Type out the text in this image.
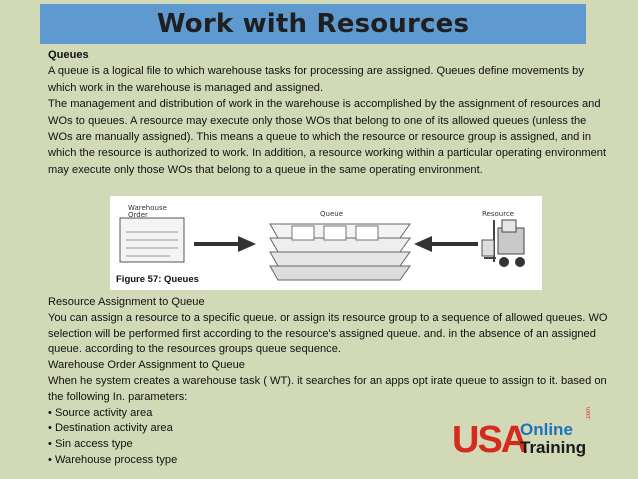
Work with Resources

Queues

A queue is a logical file to which warehouse tasks for processing are assigned. Queues define movements by which work in the warehouse is managed and assigned.

The management and distribution of work in the warehouse is accomplished by the assignment of resources and WOs to queues. A resource may execute only those WOs that belong to one of its allowed queues (unless the WOs are manually assigned). This means a queue to which the resource or resource group is assigned, and in which the resource is authorized to work. In addition, a resource working within a particular operating environment may execute only those WOs that belong to a queue in the same operating environment.

Warehouse
Order	Queue	Resource
Figure 57: Queues

Resource Assignment to Queue

You can assign a resource to a specific queue. or assign its resource group to a sequence of allowed queues. WO selection will be performed first according to the resource's assigned queue. and. in the absence of an assigned queue. according to the resources groups queue sequence.

Warehouse Order Assignment to Queue

When he system creates a warehouse task ( WT). it searches for an apps opt irate queue to assign to it. based on the following In. parameters:

• Source activity area
• Destination activity area
• Sin access type
• Warehouse process type	USA
Online
Training
.com
